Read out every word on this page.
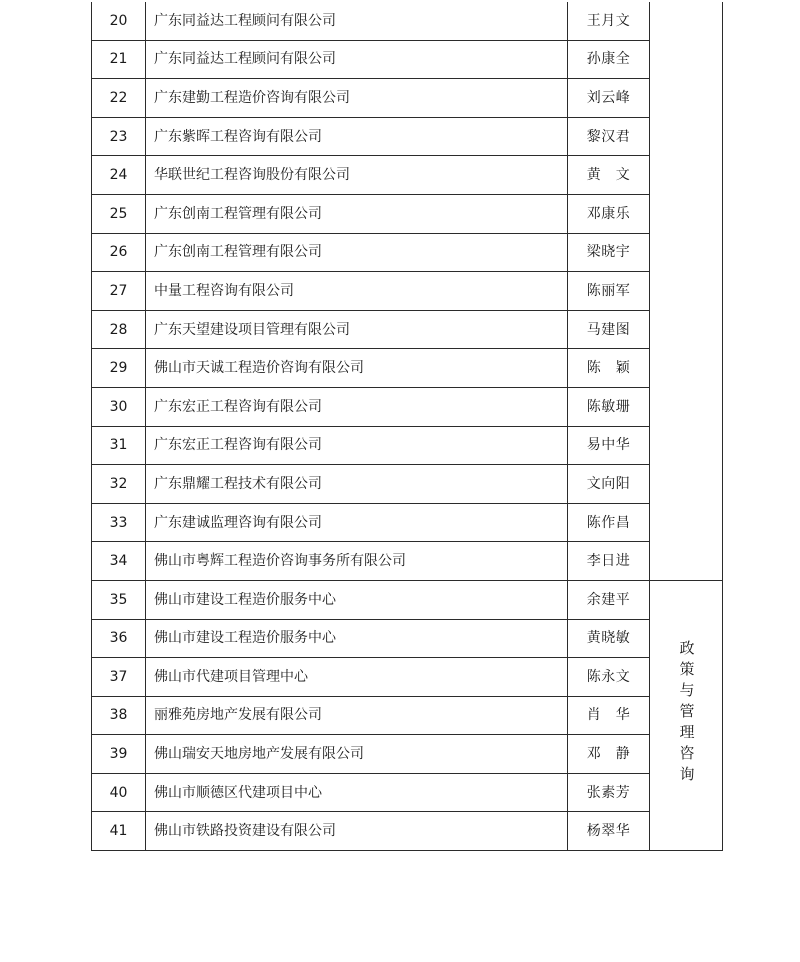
20	广东同益达工程顾问有限公司	王月文	
21	广东同益达工程顾问有限公司	孙康全	
22	广东建勤工程造价咨询有限公司	刘云峰	
23	广东紫晖工程咨询有限公司	黎汉君	
24	华联世纪工程咨询股份有限公司	黄　文	
25	广东创南工程管理有限公司	邓康乐	
26	广东创南工程管理有限公司	梁晓宇	
27	中量工程咨询有限公司	陈丽军	
28	广东天望建设项目管理有限公司	马建图	
29	佛山市天诚工程造价咨询有限公司	陈　颖	
30	广东宏正工程咨询有限公司	陈敏珊	
31	广东宏正工程咨询有限公司	易中华	
32	广东鼎耀工程技术有限公司	文向阳	
33	广东建诚监理咨询有限公司	陈作昌	
34	佛山市粤辉工程造价咨询事务所有限公司	李日进	
35	佛山市建设工程造价服务中心	余建平	政策与管理咨询
36	佛山市建设工程造价服务中心	黄晓敏	
37	佛山市代建项目管理中心	陈永文	
38	丽雅苑房地产发展有限公司	肖　华	
39	佛山瑞安天地房地产发展有限公司	邓　静	
40	佛山市顺德区代建项目中心	张素芳	
41	佛山市铁路投资建设有限公司	杨翠华	
